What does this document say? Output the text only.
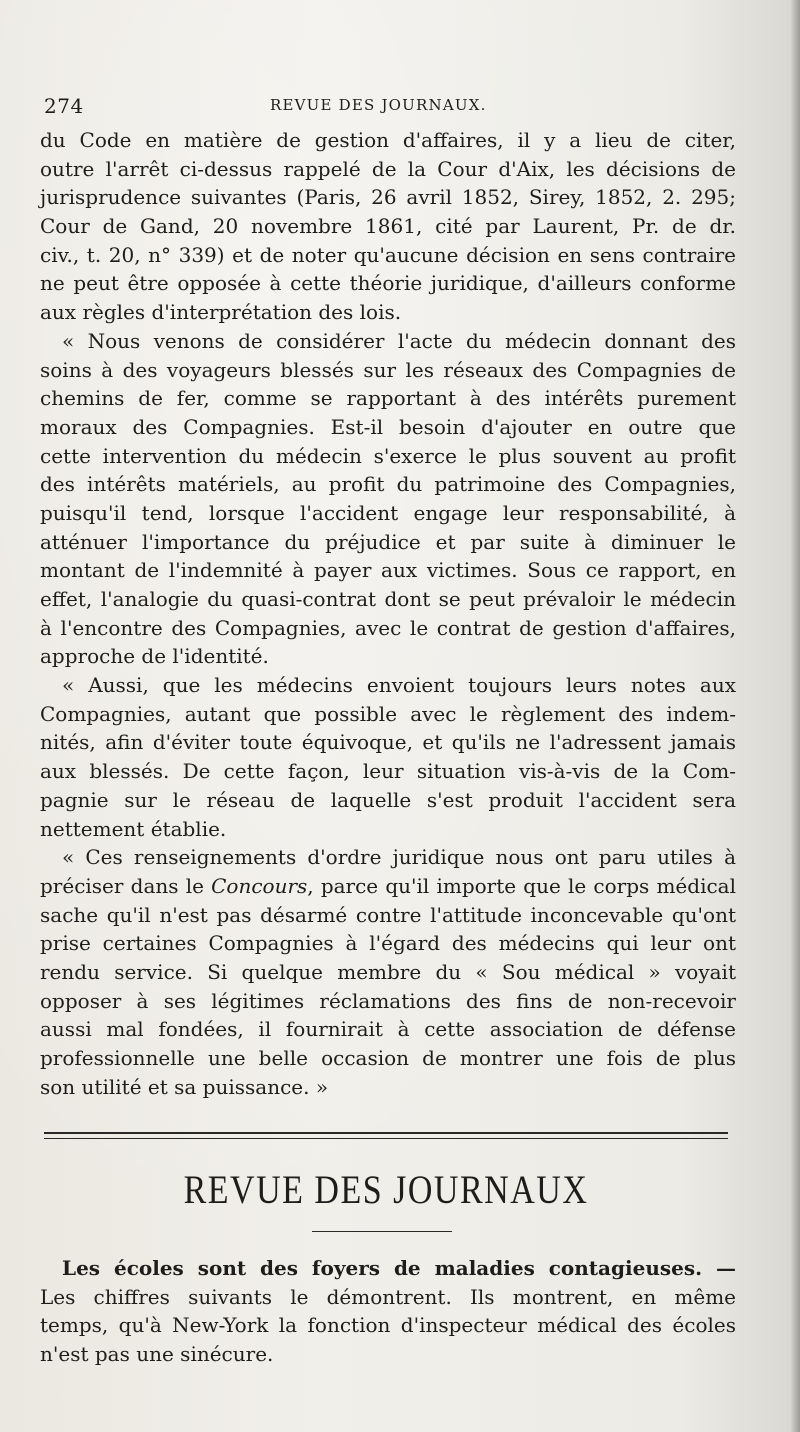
274	REVUE DES JOURNAUX.
du Code en matière de gestion d'affaires, il y a lieu de citer,
outre l'arrêt ci-dessus rappelé de la Cour d'Aix, les décisions de
jurisprudence suivantes (Paris, 26 avril 1852, Sirey, 1852, 2. 295;
Cour de Gand, 20 novembre 1861, cité par Laurent, Pr. de dr.
civ., t. 20, n° 339) et de noter qu'aucune décision en sens contraire
ne peut être opposée à cette théorie juridique, d'ailleurs conforme
aux règles d'interprétation des lois.
« Nous venons de considérer l'acte du médecin donnant des
soins à des voyageurs blessés sur les réseaux des Compagnies de
chemins de fer, comme se rapportant à des intérêts purement
moraux des Compagnies. Est-il besoin d'ajouter en outre que
cette intervention du médecin s'exerce le plus souvent au profit
des intérêts matériels, au profit du patrimoine des Compagnies,
puisqu'il tend, lorsque l'accident engage leur responsabilité, à
atténuer l'importance du préjudice et par suite à diminuer le
montant de l'indemnité à payer aux victimes. Sous ce rapport, en
effet, l'analogie du quasi-contrat dont se peut prévaloir le médecin
à l'encontre des Compagnies, avec le contrat de gestion d'affaires,
approche de l'identité.
« Aussi, que les médecins envoient toujours leurs notes aux
Compagnies, autant que possible avec le règlement des indem-
nités, afin d'éviter toute équivoque, et qu'ils ne l'adressent jamais
aux blessés. De cette façon, leur situation vis-à-vis de la Com-
pagnie sur le réseau de laquelle s'est produit l'accident sera
nettement établie.
« Ces renseignements d'ordre juridique nous ont paru utiles à
préciser dans le Concours, parce qu'il importe que le corps médical
sache qu'il n'est pas désarmé contre l'attitude inconcevable qu'ont
prise certaines Compagnies à l'égard des médecins qui leur ont
rendu service. Si quelque membre du « Sou médical » voyait
opposer à ses légitimes réclamations des fins de non-recevoir
aussi mal fondées, il fournirait à cette association de défense
professionnelle une belle occasion de montrer une fois de plus
son utilité et sa puissance. »
REVUE DES JOURNAUX
Les écoles sont des foyers de maladies contagieuses. —
Les chiffres suivants le démontrent. Ils montrent, en même
temps, qu'à New-York la fonction d'inspecteur médical des écoles
n'est pas une sinécure.
